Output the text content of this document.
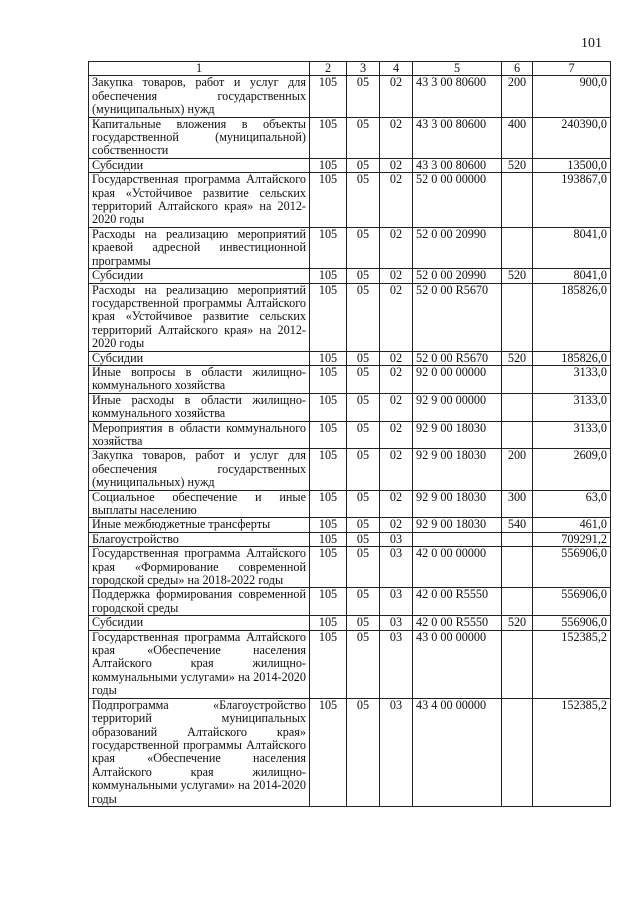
101
1	2	3	4	5	6	7
Закупка товаров, работ и услуг для обеспечения государственных (муниципальных) нужд	105	05	02	43 3 00 80600	200	900,0
Капитальные вложения в объекты государственной (муниципальной) собственности	105	05	02	43 3 00 80600	400	240390,0
Субсидии	105	05	02	43 3 00 80600	520	13500,0
Государственная программа Алтайского края «Устойчивое развитие сельских территорий Алтайского края» на 2012-2020 годы	105	05	02	52 0 00 00000		193867,0
Расходы на реализацию мероприятий краевой адресной инвестиционной программы	105	05	02	52 0 00 20990		8041,0
Субсидии	105	05	02	52 0 00 20990	520	8041,0
Расходы на реализацию мероприятий государственной программы Алтайского края «Устойчивое развитие сельских территорий Алтайского края» на 2012-2020 годы	105	05	02	52 0 00 R5670		185826,0
Субсидии	105	05	02	52 0 00 R5670	520	185826,0
Иные вопросы в области жилищно-коммунального хозяйства	105	05	02	92 0 00 00000		3133,0
Иные расходы в области жилищно-коммунального хозяйства	105	05	02	92 9 00 00000		3133,0
Мероприятия в области коммунального хозяйства	105	05	02	92 9 00 18030		3133,0
Закупка товаров, работ и услуг для обеспечения государственных (муниципальных) нужд	105	05	02	92 9 00 18030	200	2609,0
Социальное обеспечение и иные выплаты населению	105	05	02	92 9 00 18030	300	63,0
Иные межбюджетные трансферты	105	05	02	92 9 00 18030	540	461,0
Благоустройство	105	05	03			709291,2
Государственная программа Алтайского края «Формирование современной городской среды» на 2018-2022 годы	105	05	03	42 0 00 00000		556906,0
Поддержка формирования современной городской среды	105	05	03	42 0 00 R5550		556906,0
Субсидии	105	05	03	42 0 00 R5550	520	556906,0
Государственная программа Алтайского края «Обеспечение населения Алтайского края жилищно-коммунальными услугами» на 2014-2020 годы	105	05	03	43 0 00 00000		152385,2
Подпрограмма «Благоустройство территорий муниципальных образований Алтайского края» государственной программы Алтайского края «Обеспечение населения Алтайского края жилищно-коммунальными услугами» на 2014-2020 годы	105	05	03	43 4 00 00000		152385,2
